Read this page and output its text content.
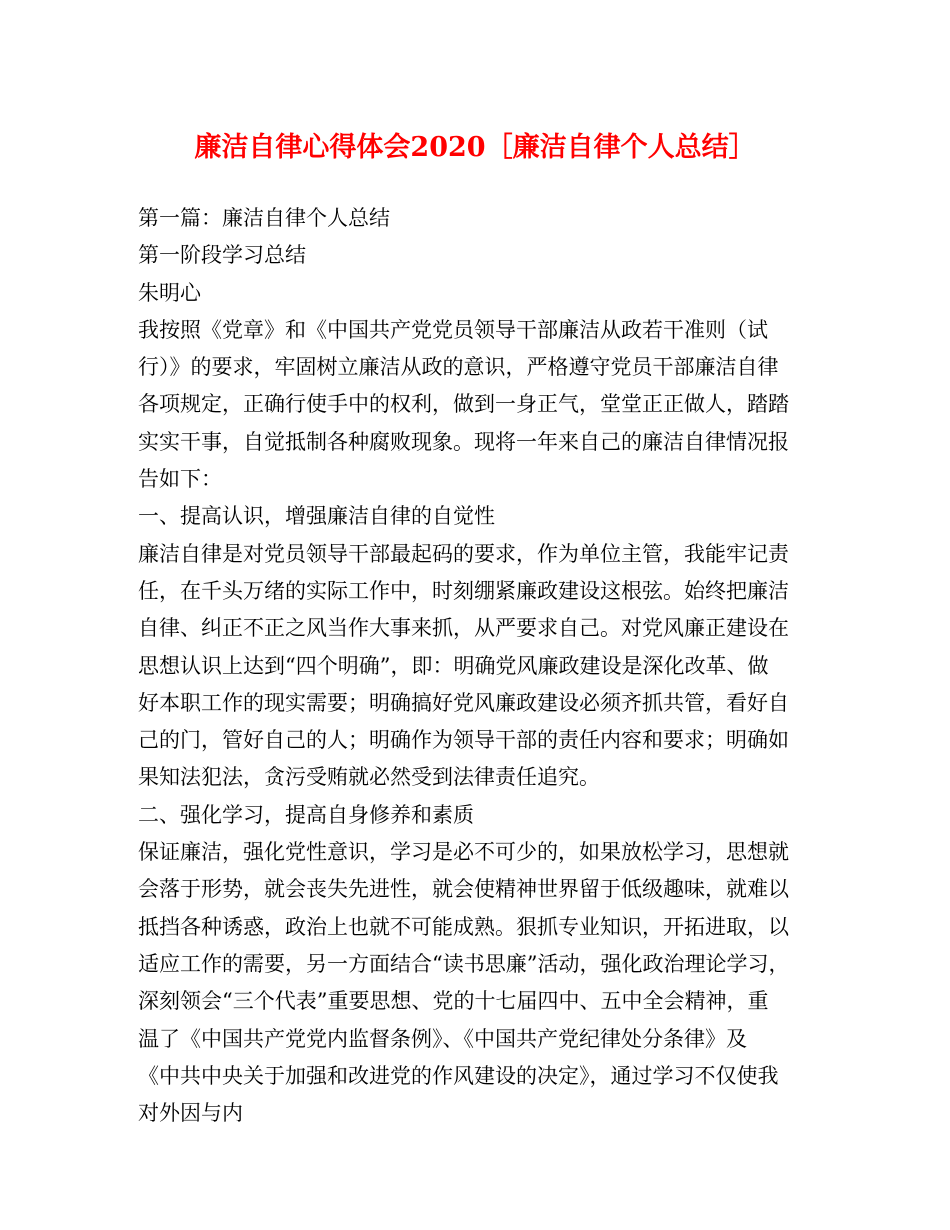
廉洁自律心得体会2020［廉洁自律个人总结］
第一篇：廉洁自律个人总结
第一阶段学习总结
朱明心
我按照《党章》和《中国共产党党员领导干部廉洁从政若干准则（试
行）》的要求，牢固树立廉洁从政的意识，严格遵守党员干部廉洁自律
各项规定，正确行使手中的权利，做到一身正气，堂堂正正做人，踏踏
实实干事，自觉抵制各种腐败现象。现将一年来自己的廉洁自律情况报
告如下：
一、提高认识，增强廉洁自律的自觉性
廉洁自律是对党员领导干部最起码的要求，作为单位主管，我能牢记责
任，在千头万绪的实际工作中，时刻绷紧廉政建设这根弦。始终把廉洁
自律、纠正不正之风当作大事来抓，从严要求自己。对党风廉正建设在
思想认识上达到“四个明确”，即：明确党风廉政建设是深化改革、做
好本职工作的现实需要；明确搞好党风廉政建设必须齐抓共管，看好自
己的门，管好自己的人；明确作为领导干部的责任内容和要求；明确如
果知法犯法，贪污受贿就必然受到法律责任追究。
二、强化学习，提高自身修养和素质
保证廉洁，强化党性意识，学习是必不可少的，如果放松学习，思想就
会落于形势，就会丧失先进性，就会使精神世界留于低级趣味，就难以
抵挡各种诱惑，政治上也就不可能成熟。狠抓专业知识，开拓进取，以
适应工作的需要，另一方面结合“读书思廉”活动，强化政治理论学习，
深刻领会“三个代表”重要思想、党的十七届四中、五中全会精神，重
温了《中国共产党党内监督条例》、《中国共产党纪律处分条律》及
《中共中央关于加强和改进党的作风建设的决定》，通过学习不仅使我
对外因与内
